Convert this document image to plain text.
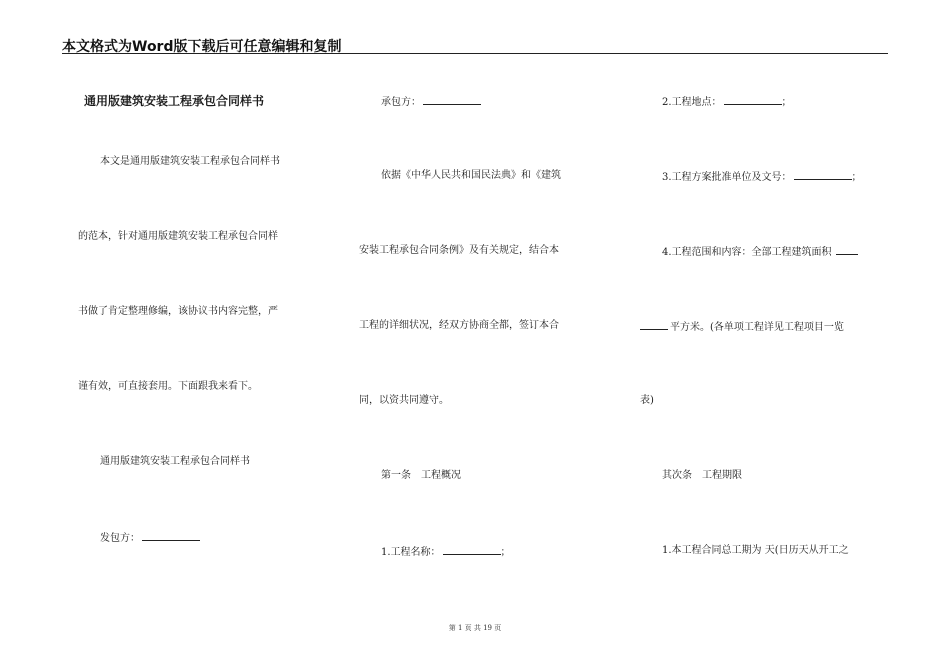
本文格式为Word版下载后可任意编辑和复制
通用版建筑安装工程承包合同样书
本文是通用版建筑安装工程承包合同样书
的范本，针对通用版建筑安装工程承包合同样
书做了肯定整理修编，该协议书内容完整，严
谨有效，可直接套用。下面跟我来看下。
通用版建筑安装工程承包合同样书
发包方：
承包方：
依据《中华人民共和国民法典》和《建筑
安装工程承包合同条例》及有关规定，结合本
工程的详细状况，经双方协商全都，签订本合
同，以资共同遵守。
第一条　工程概况
1.工程名称：	；
2.工程地点：	；
3.工程方案批准单位及文号：	；
4.工程范围和内容：全部工程建筑面积
平方米。(各单项工程详见工程项目一览
表)
其次条　工程期限
1.本工程合同总工期为 天(日历天从开工之
第 1 页 共 19 页
